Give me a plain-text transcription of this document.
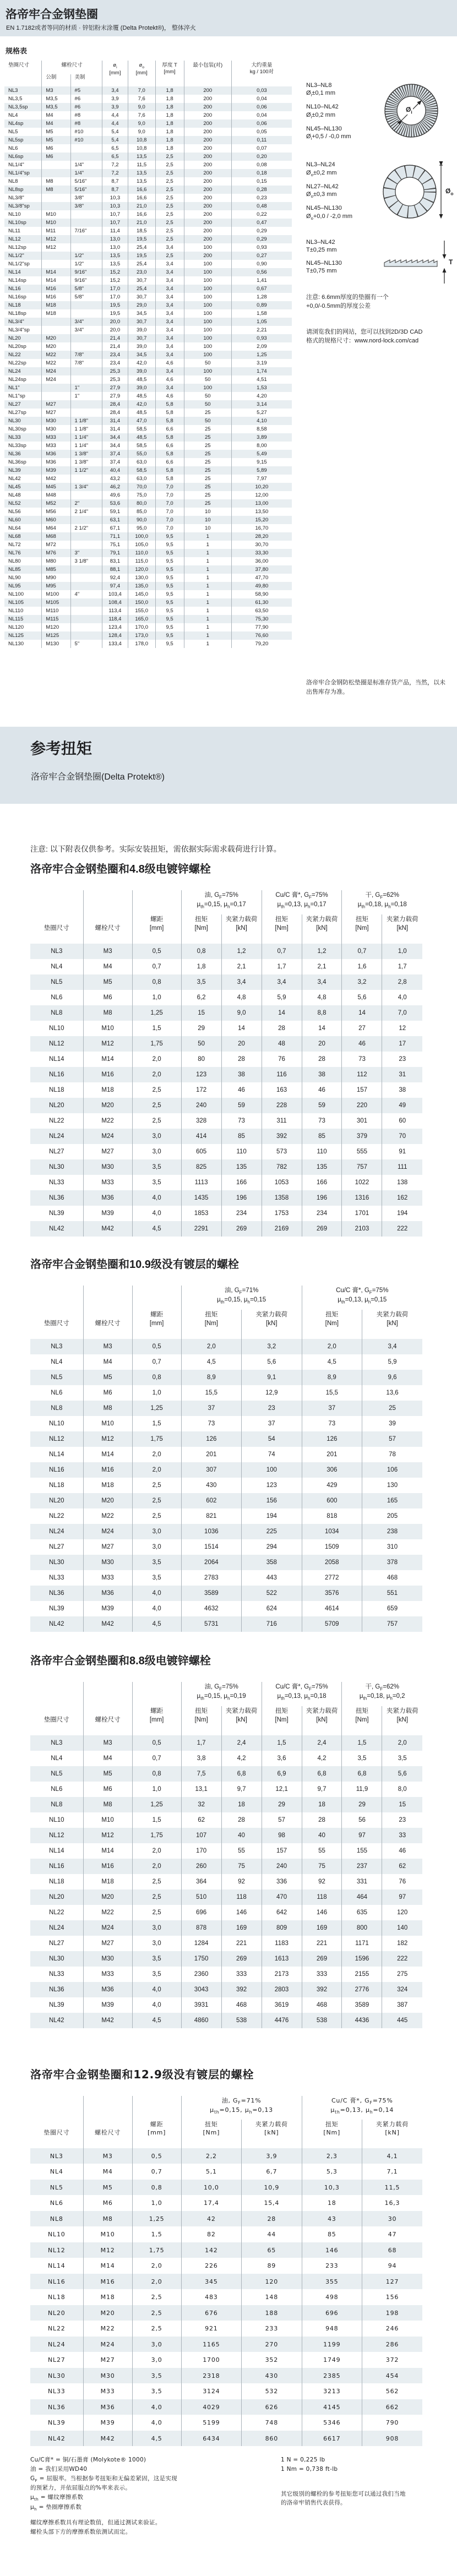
洛帝牢合金钢垫圈
EN 1.7182或者等同的材质 · 锌铝粉末涂覆 (Delta Protekt®)， 整体淬火
规格表
垫圈尺寸	螺栓尺寸		$ø_i$
[mm]	$ø_o$
[mm]	厚度 T
[mm]	最小包装(对)	大约重量
kg / 100对
	公制	美制					
NL3	M3	#5	3,4	7,0	1,8	200	0,03
NL3,5	M3,5	#6	3,9	7,6	1,8	200	0,04
NL3,5sp	M3,5	#6	3,9	9,0	1,8	200	0,06
NL4	M4	#8	4,4	7,6	1,8	200	0,04
NL4sp	M4	#8	4,4	9,0	1,8	200	0,06
NL5	M5	#10	5,4	9,0	1,8	200	0,05
NL5sp	M5	#10	5,4	10,8	1,8	200	0,11
NL6	M6		6,5	10,8	1,8	200	0,07
NL6sp	M6		6,5	13,5	2,5	200	0,20
NL1/4"		1/4"	7,2	11,5	2,5	200	0,08
NL1/4"sp		1/4"	7,2	13,5	2,5	200	0,18
NL8	M8	5/16"	8,7	13,5	2,5	200	0,15
NL8sp	M8	5/16"	8,7	16,6	2,5	200	0,28
NL3/8"		3/8"	10,3	16,6	2,5	200	0,23
NL3/8"sp		3/8"	10,3	21,0	2,5	200	0,48
NL10	M10		10,7	16,6	2,5	200	0,22
NL10sp	M10		10,7	21,0	2,5	200	0,47
NL11	M11	7/16"	11,4	18,5	2,5	200	0,29
NL12	M12		13,0	19,5	2,5	200	0,29
NL12sp	M12		13,0	25,4	3,4	100	0,93
NL1/2"		1/2"	13,5	19,5	2,5	200	0,27
NL1/2"sp		1/2"	13,5	25,4	3,4	100	0,90
NL14	M14	9/16"	15,2	23,0	3,4	100	0,56
NL14sp	M14	9/16"	15,2	30,7	3,4	100	1,41
NL16	M16	5/8"	17,0	25,4	3,4	100	0,67
NL16sp	M16	5/8"	17,0	30,7	3,4	100	1,28
NL18	M18		19,5	29,0	3,4	100	0,89
NL18sp	M18		19,5	34,5	3,4	100	1,58
NL3/4"		3/4"	20,0	30,7	3,4	100	1,05
NL3/4"sp		3/4"	20,0	39,0	3,4	100	2,21
NL20	M20		21,4	30,7	3,4	100	0,93
NL20sp	M20		21,4	39,0	3,4	100	2,09
NL22	M22	7/8"	23,4	34,5	3,4	100	1,25
NL22sp	M22	7/8"	23,4	42,0	4,6	50	3,19
NL24	M24		25,3	39,0	3,4	100	1,74
NL24sp	M24		25,3	48,5	4,6	50	4,51
NL1"		1"	27,9	39,0	3,4	100	1,53
NL1"sp		1"	27,9	48,5	4,6	50	4,20
NL27	M27		28,4	42,0	5,8	50	3,14
NL27sp	M27		28,4	48,5	5,8	25	5,27
NL30	M30	1 1/8"	31,4	47,0	5,8	50	4,10
NL30sp	M30	1 1/8"	31,4	58,5	6,6	25	8,58
NL33	M33	1 1/4"	34,4	48,5	5,8	25	3,89
NL33sp	M33	1 1/4"	34,4	58,5	6,6	25	8,00
NL36	M36	1 3/8"	37,4	55,0	5,8	25	5,49
NL36sp	M36	1 3/8"	37,4	63,0	6,6	25	9,15
NL39	M39	1 1/2"	40,4	58,5	5,8	25	5,89
NL42	M42		43,2	63,0	5,8	25	7,97
NL45	M45	1 3/4"	46,2	70,0	7,0	25	10,20
NL48	M48		49,6	75,0	7,0	25	12,00
NL52	M52	2"	53,6	80,0	7,0	25	13,00
NL56	M56	2 1/4"	59,1	85,0	7,0	10	13,50
NL60	M60		63,1	90,0	7,0	10	15,20
NL64	M64	2 1/2"	67,1	95,0	7,0	10	16,70
NL68	M68		71,1	100,0	9,5	1	28,20
NL72	M72		75,1	105,0	9,5	1	30,70
NL76	M76	3"	79,1	110,0	9,5	1	33,30
NL80	M80	3 1/8"	83,1	115,0	9,5	1	36,00
NL85	M85		88,1	120,0	9,5	1	37,80
NL90	M90		92,4	130,0	9,5	1	47,70
NL95	M95		97,4	135,0	9,5	1	49,80
NL100	M100	4"	103,4	145,0	9,5	1	58,90
NL105	M105		108,4	150,0	9,5	1	61,30
NL110	M110		113,4	155,0	9,5	1	63,50
NL115	M115		118,4	165,0	9,5	1	75,30
NL120	M120		123,4	170,0	9,5	1	77,90
NL125	M125		128,4	173,0	9,5	1	76,60
NL130	M130	5"	133,4	178,0	9,5	1	79,20
NL3–NL8
$Ø_i\pm 0,1$ mm
NL10–NL42
$Ø_i\pm 0,2$ mm
NL45–NL130
$Ø_i+0,5 / -0,0$ mm
$Ø_i$
NL3–NL24
$Ø_o\pm 0,2$ mm
NL27–NL42
$Ø_o\pm 0,3$ mm
NL45–NL130
$Ø_o+0,0 / -2,0$ mm
$Ø_o$
NL3–NL42
T±0,25 mm
NL45–NL130
T±0,75 mm
T
注意: 6.6mm厚度的垫圈有一个
+0,0/-0.5mm的厚度公差
请浏览我们的网站，您可以找到2D/3D CAD
格式的规格尺寸：www.nord-lock.com/cad
洛帝牢合金钢防松垫圈是标准存货产品，当然，以未出售库存为准。
参考扭矩
洛帝牢合金钢垫圈(Delta Protekt®)
注意: 以下附表仅供参考。实际安装扭矩，需依据实际需求载荷进行计算。
洛帝牢合金钢垫圈和4.8级电镀锌螺栓
垫圈尺寸	螺栓尺寸	螺距
[mm]	油, $G_F=75\%$
$\mu_{th}=0,15$, $\mu_h=0,17$		Cu/C 膏*, $G_F=75\%$
$\mu_{th}=0,13$, $\mu_h=0,17$		干, $G_F=62\%$
$\mu_{th}=0,18$, $\mu_h=0,18$	
			扭矩
[Nm]	夹紧力载荷
[kN]	扭矩
[Nm]	夹紧力载荷
[kN]	扭矩
[Nm]	夹紧力载荷
[kN]
NL3	M3	0,5	0,8	1,2	0,7	1,2	0,7	1,0
NL4	M4	0,7	1,8	2,1	1,7	2,1	1,6	1,7
NL5	M5	0,8	3,5	3,4	3,4	3,4	3,2	2,8
NL6	M6	1,0	6,2	4,8	5,9	4,8	5,6	4,0
NL8	M8	1,25	15	9,0	14	8,8	14	7,0
NL10	M10	1,5	29	14	28	14	27	12
NL12	M12	1,75	50	20	48	20	46	17
NL14	M14	2,0	80	28	76	28	73	23
NL16	M16	2,0	123	38	116	38	112	31
NL18	M18	2,5	172	46	163	46	157	38
NL20	M20	2,5	240	59	228	59	220	49
NL22	M22	2,5	328	73	311	73	301	60
NL24	M24	3,0	414	85	392	85	379	70
NL27	M27	3,0	605	110	573	110	555	91
NL30	M30	3,5	825	135	782	135	757	111
NL33	M33	3,5	1113	166	1053	166	1022	138
NL36	M36	4,0	1435	196	1358	196	1316	162
NL39	M39	4,0	1853	234	1753	234	1701	194
NL42	M42	4,5	2291	269	2169	269	2103	222
洛帝牢合金钢垫圈和10.9级没有镀层的螺栓
垫圈尺寸	螺栓尺寸	螺距
[mm]	油, $G_F=71\%$
$\mu_{th}=0,15$, $\mu_h=0,15$		Cu/C 膏*, $G_F=75\%$
$\mu_{th}=0,13$, $\mu_h=0,15$	
			扭矩
[Nm]	夹紧力载荷
[kN]	扭矩
[Nm]	夹紧力载荷
[kN]
NL3	M3	0,5	2,0	3,2	2,0	3,4
NL4	M4	0,7	4,5	5,6	4,5	5,9
NL5	M5	0,8	8,9	9,1	8,9	9,6
NL6	M6	1,0	15,5	12,9	15,5	13,6
NL8	M8	1,25	37	23	37	25
NL10	M10	1,5	73	37	73	39
NL12	M12	1,75	126	54	126	57
NL14	M14	2,0	201	74	201	78
NL16	M16	2,0	307	100	306	106
NL18	M18	2,5	430	123	429	130
NL20	M20	2,5	602	156	600	165
NL22	M22	2,5	821	194	818	205
NL24	M24	3,0	1036	225	1034	238
NL27	M27	3,0	1514	294	1509	310
NL30	M30	3,5	2064	358	2058	378
NL33	M33	3,5	2783	443	2772	468
NL36	M36	4,0	3589	522	3576	551
NL39	M39	4,0	4632	624	4614	659
NL42	M42	4,5	5731	716	5709	757
洛帝牢合金钢垫圈和8.8级电镀锌螺栓
垫圈尺寸	螺栓尺寸	螺距
[mm]	油, $G_F=75\%$
$\mu_{th}=0,15$, $\mu_h=0,19$		Cu/C 膏*, $G_F=75\%$
$\mu_{th}=0,13$, $\mu_h=0,18$		干, $G_F=62\%$
$\mu_{th}=0,18$, $\mu_h=0,2$	
			扭矩
[Nm]	夹紧力载荷
[kN]	扭矩
[Nm]	夹紧力载荷
[kN]	扭矩
[Nm]	夹紧力载荷
[kN]
NL3	M3	0,5	1,7	2,4	1,5	2,4	1,5	2,0
NL4	M4	0,7	3,8	4,2	3,6	4,2	3,5	3,5
NL5	M5	0,8	7,5	6,8	6,9	6,8	6,8	5,6
NL6	M6	1,0	13,1	9,7	12,1	9,7	11,9	8,0
NL8	M8	1,25	32	18	29	18	29	15
NL10	M10	1,5	62	28	57	28	56	23
NL12	M12	1,75	107	40	98	40	97	33
NL14	M14	2,0	170	55	157	55	155	46
NL16	M16	2,0	260	75	240	75	237	62
NL18	M18	2,5	364	92	336	92	331	76
NL20	M20	2,5	510	118	470	118	464	97
NL22	M22	2,5	696	146	642	146	635	120
NL24	M24	3,0	878	169	809	169	800	140
NL27	M27	3,0	1284	221	1183	221	1171	182
NL30	M30	3,5	1750	269	1613	269	1596	222
NL33	M33	3,5	2360	333	2173	333	2155	275
NL36	M36	4,0	3043	392	2803	392	2776	324
NL39	M39	4,0	3931	468	3619	468	3589	387
NL42	M42	4,5	4860	538	4476	538	4436	445
洛帝牢合金钢垫圈和12.9级没有镀层的螺栓
垫圈尺寸	螺栓尺寸	螺距
[mm]	油, $G_F=71\%$
$\mu_{th}=0,15$, $\mu_h=0,13$		Cu/C 膏*, $G_F=75\%$
$\mu_{th}=0,13$, $\mu_h=0,14$	
			扭矩
[Nm]	夹紧力载荷
[kN]	扭矩
[Nm]	夹紧力载荷
[kN]
NL3	M3	0,5	2,2	3,9	2,3	4,1
NL4	M4	0,7	5,1	6,7	5,3	7,1
NL5	M5	0,8	10,0	10,9	10,3	11,5
NL6	M6	1,0	17,4	15,4	18	16,3
NL8	M8	1,25	42	28	43	30
NL10	M10	1,5	82	44	85	47
NL12	M12	1,75	142	65	146	68
NL14	M14	2,0	226	89	233	94
NL16	M16	2,0	345	120	355	127
NL18	M18	2,5	483	148	498	156
NL20	M20	2,5	676	188	696	198
NL22	M22	2,5	921	233	948	246
NL24	M24	3,0	1165	270	1199	286
NL27	M27	3,0	1700	352	1749	372
NL30	M30	3,5	2318	430	2385	454
NL33	M33	3,5	3124	532	3213	562
NL36	M36	4,0	4029	626	4145	662
NL39	M39	4,0	5199	748	5346	790
NL42	M42	4,5	6434	860	6617	908
Cu/C膏* = 铜/石墨膏 (Molykote® 1000)
油 = 我们采用WD40
$G_F$ = 屈服率。当根据参考扭矩和无偏差紧固，这是实现
的预紧力，并依屈服点的%率来表示。
$\mu_{th}$ = 螺纹摩擦系数
$\mu_h$ = 垫圈摩擦系数
螺纹摩擦系数具有理论数值，但通过测试来验证。
螺栓头部下方的摩擦系数依测试而定。
1 N = 0,225 lb
1 Nm = 0,738 ft-lb
其它级别的螺栓的参考扭矩您可以通过我们当地
的洛帝牢销售代表获得。
